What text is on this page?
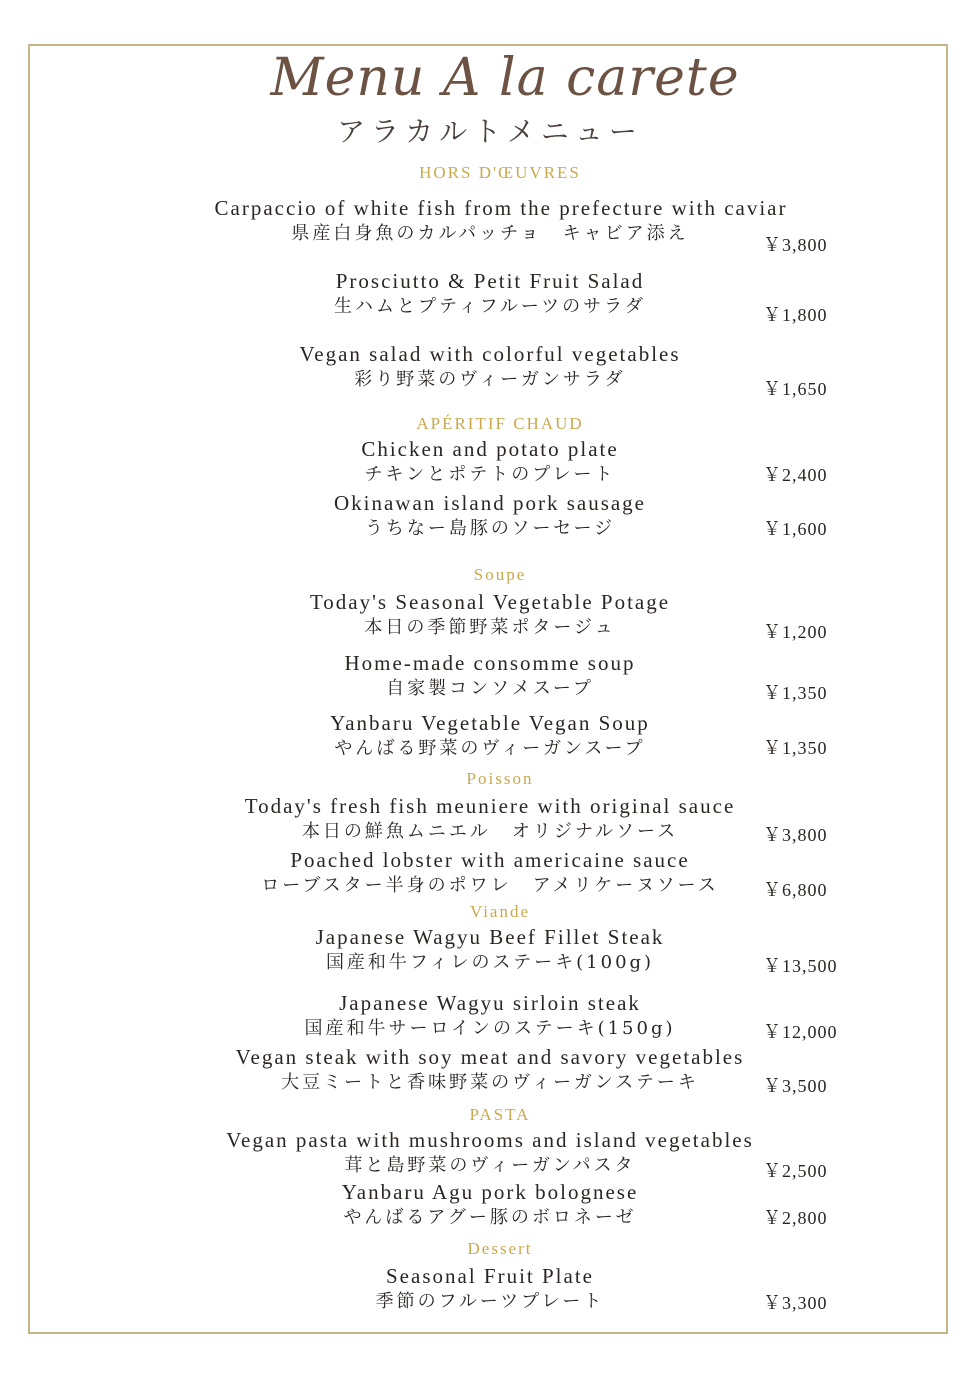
Menu A la carete
アラカルトメニュー
HORS D'ŒUVRES
Carpaccio of white fish from the prefecture with caviar
県産白身魚のカルパッチョ　キャビア添え
￥3,800
Prosciutto & Petit Fruit Salad
生ハムとプティフルーツのサラダ	￥1,800
Vegan salad with colorful vegetables
彩り野菜のヴィーガンサラダ	￥1,650
APÉRITIF CHAUD
Chicken and potato plate
チキンとポテトのプレート	￥2,400
Okinawan island pork sausage
うちなー島豚のソーセージ	￥1,600
Soupe
Today's Seasonal Vegetable Potage
本日の季節野菜ポタージュ	￥1,200
Home-made consomme soup
自家製コンソメスープ	￥1,350
Yanbaru Vegetable Vegan Soup
やんばる野菜のヴィーガンスープ	￥1,350
Poisson
Today's fresh fish meuniere with original sauce
本日の鮮魚ムニエル　オリジナルソース	￥3,800
Poached lobster with americaine sauce
ローブスター半身のポワレ　アメリケーヌソース	￥6,800
Viande
Japanese Wagyu Beef Fillet Steak
国産和牛フィレのステーキ(100g)	￥13,500
Japanese Wagyu sirloin steak
国産和牛サーロインのステーキ(150g)	￥12,000
Vegan steak with soy meat and savory vegetables
大豆ミートと香味野菜のヴィーガンステーキ	￥3,500
PASTA
Vegan pasta with mushrooms and island vegetables
茸と島野菜のヴィーガンパスタ	￥2,500
Yanbaru Agu pork bolognese
やんばるアグー豚のボロネーゼ	￥2,800
Dessert
Seasonal Fruit Plate
季節のフルーツプレート	￥3,300
